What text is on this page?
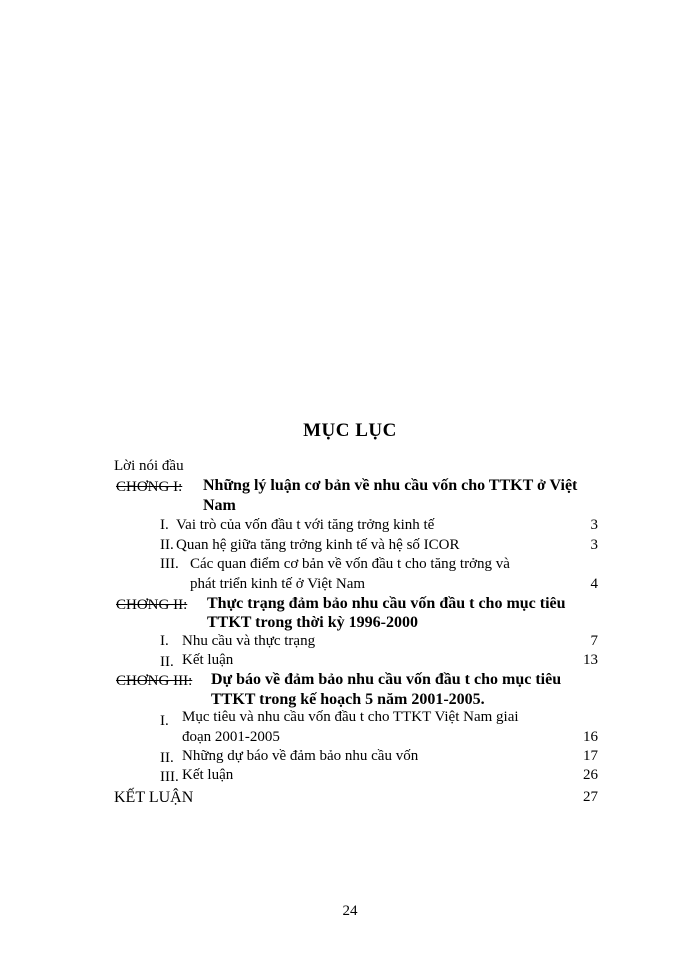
MỤC LỤC
Lời nói đầu
CHƠNG I: Những lý luận cơ bản về nhu cầu vốn cho TTKT ở Việt
Nam
I. Vai trò của vốn đầu t với tăng trởng kinh tế	3
II. Quan hệ giữa tăng trởng kinh tế và hệ số ICOR	3
III. Các quan điểm cơ bản về vốn đầu t cho tăng trởng và
phát triển kinh tế ở Việt Nam	4
CHƠNG II: Thực trạng đảm bảo nhu cầu vốn đầu t cho mục tiêu
TTKT trong thời kỳ 1996-2000
I. Nhu cầu và thực trạng	7
II. Kết luận	13
CHƠNG III: Dự báo về đảm bảo nhu cầu vốn đầu t cho mục tiêu
TTKT trong kế hoạch 5 năm 2001-2005.
I. Mục tiêu và nhu cầu vốn đầu t cho TTKT Việt Nam giai
đoạn 2001-2005	16
II. Những dự báo về đảm bảo nhu cầu vốn	17
III. Kết luận	26
KẾT LUẬN	27
24
